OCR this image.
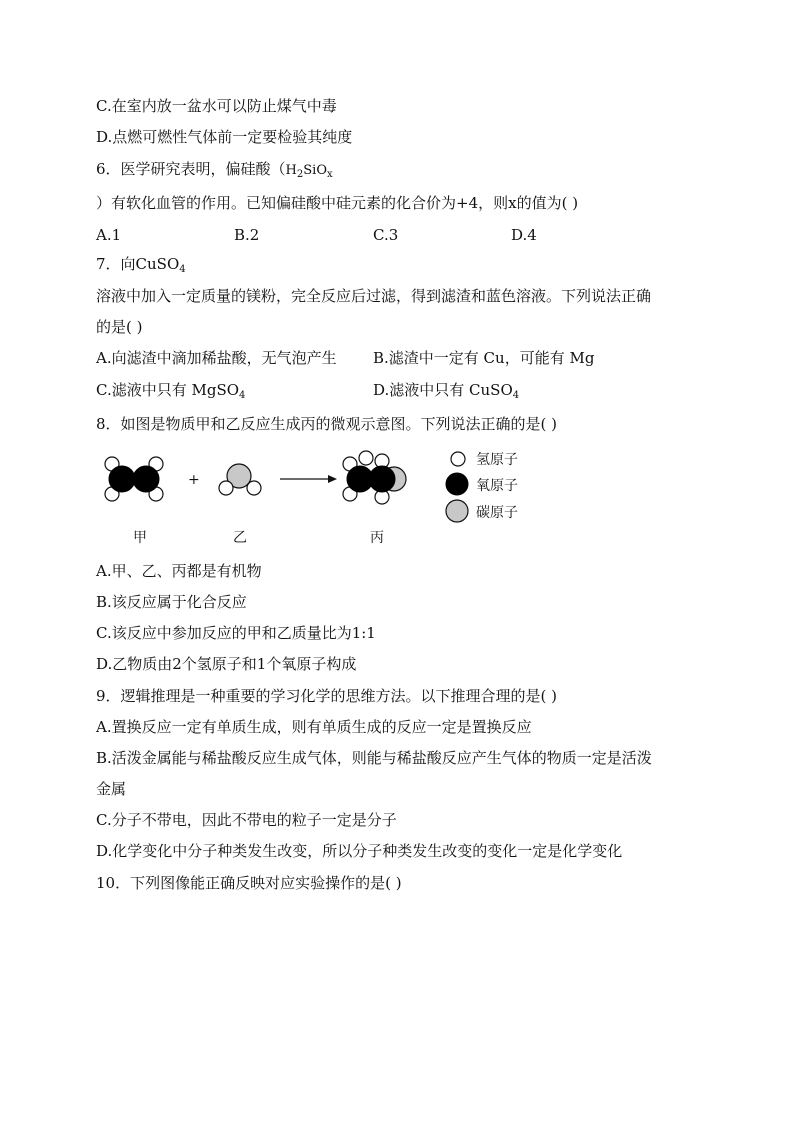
C.在室内放一盆水可以防止煤气中毒
D.点燃可燃性气体前一定要检验其纯度
6．医学研究表明，偏硅酸（$H_2SiO_x$
）有软化血管的作用。已知偏硅酸中硅元素的化合价为+4，则x的值为( )
A.1	B.2	C.3	D.4
7．向CuSO$_4$
溶液中加入一定质量的镁粉，完全反应后过滤，得到滤渣和蓝色溶液。下列说法正确
的是( )
A.向滤渣中滴加稀盐酸，无气泡产生 B.滤渣中一定有 Cu，可能有 Mg
C.滤液中只有 MgSO$_4$	D.滤液中只有 CuSO$_4$
8．如图是物质甲和乙反应生成丙的微观示意图。下列说法正确的是( )
+
甲	乙	丙
氢原子
氧原子
碳原子
A.甲、乙、丙都是有机物
B.该反应属于化合反应
C.该反应中参加反应的甲和乙质量比为1:1
D.乙物质由2个氢原子和1个氧原子构成
9．逻辑推理是一种重要的学习化学的思维方法。以下推理合理的是( )
A.置换反应一定有单质生成，则有单质生成的反应一定是置换反应
B.活泼金属能与稀盐酸反应生成气体，则能与稀盐酸反应产生气体的物质一定是活泼
金属
C.分子不带电，因此不带电的粒子一定是分子
D.化学变化中分子种类发生改变，所以分子种类发生改变的变化一定是化学变化
10．下列图像能正确反映对应实验操作的是( )
